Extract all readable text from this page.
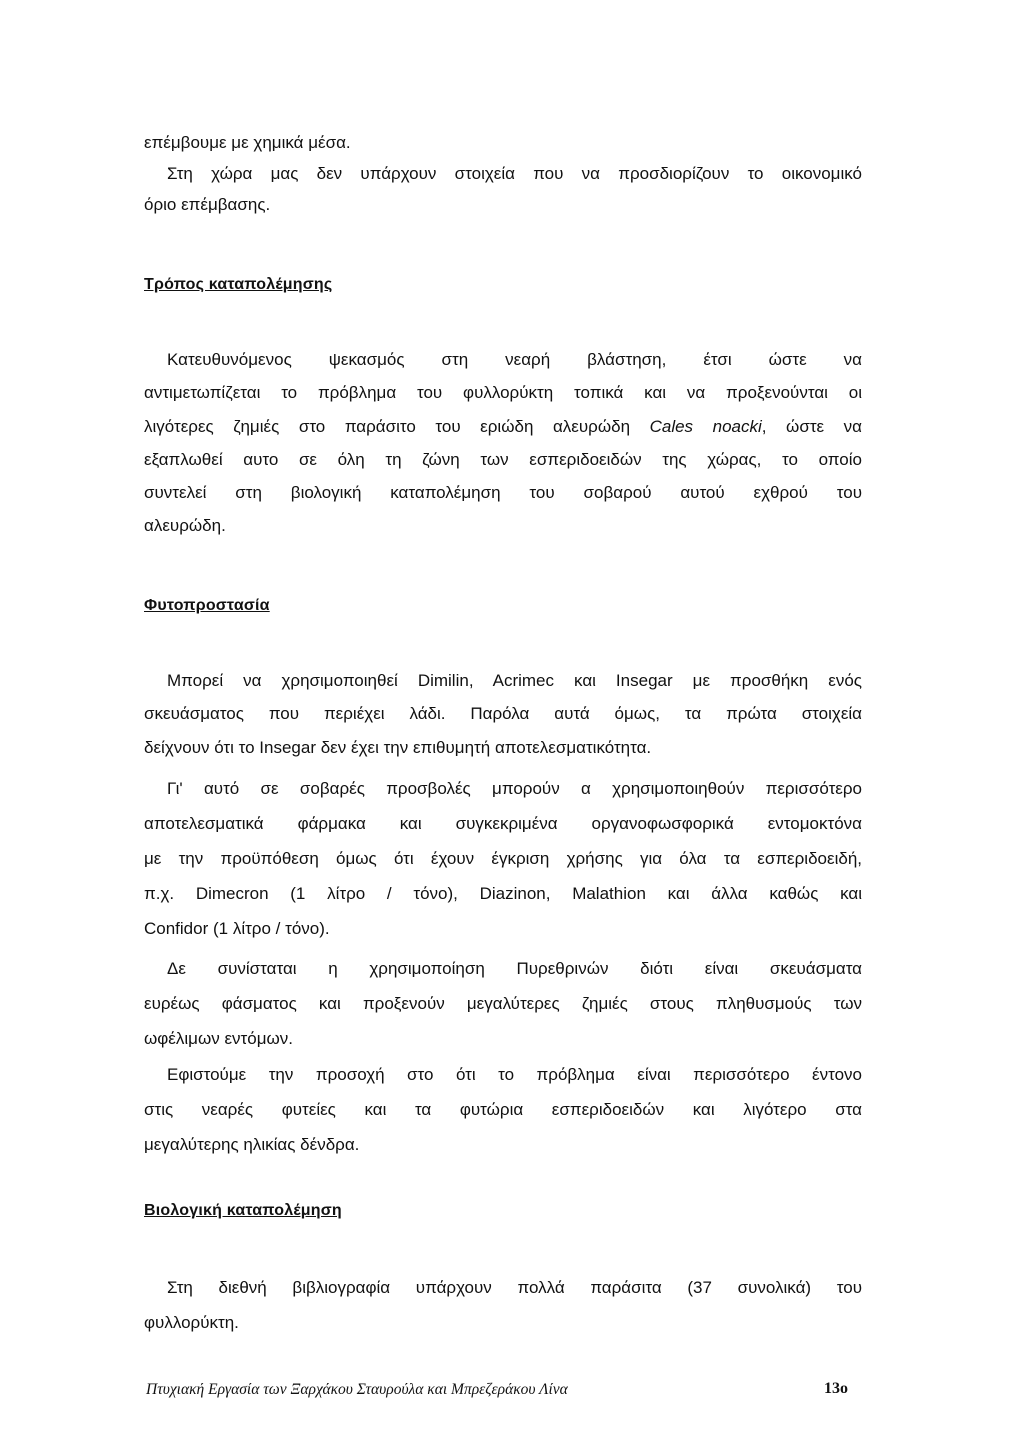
επέμβουμε με χημικά μέσα.
Στη χώρα μας δεν υπάρχουν στοιχεία που να προσδιορίζουν το οικονομικό
όριο επέμβασης.
Τρόπος καταπολέμησης
Κατευθυνόμενος ψεκασμός στη νεαρή βλάστηση, έτσι ώστε να
αντιμετωπίζεται το πρόβλημα του φυλλορύκτη τοπικά και να προξενούνται οι
λιγότερες ζημιές στο παράσιτο του εριώδη αλευρώδη Cales noacki, ώστε να
εξαπλωθεί αυτο σε όλη τη ζώνη των εσπεριδοειδών της χώρας, το οποίο
συντελεί στη βιολογική καταπολέμηση του σοβαρού αυτού εχθρού του
αλευρώδη.
Φυτοπροστασία
Μπορεί να χρησιμοποιηθεί Dimilin, Acrimec και Insegar με προσθήκη ενός
σκευάσματος που περιέχει λάδι. Παρόλα αυτά όμως, τα πρώτα στοιχεία
δείχνουν ότι το Insegar δεν έχει την επιθυμητή αποτελεσματικότητα.
Γι' αυτό σε σοβαρές προσβολές μπορούν α χρησιμοποιηθούν περισσότερο
αποτελεσματικά φάρμακα και συγκεκριμένα οργανοφωσφορικά εντομοκτόνα
με την προϋπόθεση όμως ότι έχουν έγκριση χρήσης για όλα τα εσπεριδοειδή,
π.χ. Dimecron (1 λίτρο / τόνο), Diazinon, Malathion και άλλα καθώς και
Confidor (1 λίτρο / τόνο).
Δε συνίσταται η χρησιμοποίηση Πυρεθρινών διότι είναι σκευάσματα
ευρέως φάσματος και προξενούν μεγαλύτερες ζημιές στους πληθυσμούς των
ωφέλιμων εντόμων.
Εφιστούμε την προσοχή στο ότι το πρόβλημα είναι περισσότερο έντονο
στις νεαρές φυτείες και τα φυτώρια εσπεριδοειδών και λιγότερο στα
μεγαλύτερης ηλικίας δένδρα.
Βιολογική καταπολέμηση
Στη διεθνή βιβλιογραφία υπάρχουν πολλά παράσιτα (37 συνολικά) του
φυλλορύκτη.
Πτυχιακή Εργασία των Ξαρχάκου Σταυρούλα και Μπρεζεράκου Λίνα	13ο
